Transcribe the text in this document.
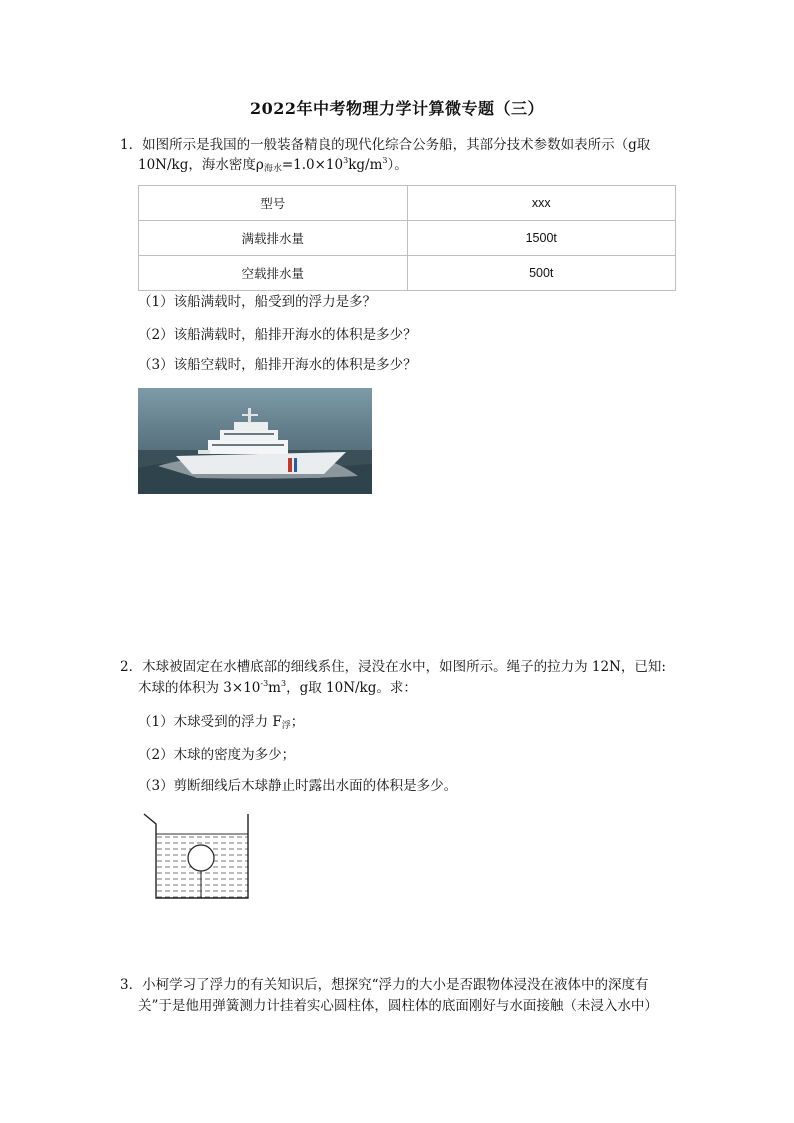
2022年中考物理力学计算微专题（三）
1．如图所示是我国的一般装备精良的现代化综合公务船，其部分技术参数如表所示（g取
10N/kg，海水密度$\rho_{海水}=1.0\times 10^3kg/m^3$）。
型号	xxx
满载排水量	1500t
空载排水量	500t
（1）该船满载时，船受到的浮力是多？
（2）该船满载时，船排开海水的体积是多少？
（3）该船空载时，船排开海水的体积是多少？
2．木球被固定在水槽底部的细线系住，浸没在水中，如图所示。绳子的拉力为 12N，已知:
木球的体积为 $3\times 10^{-3}m^3$，g取 10N/kg。求：
（1）木球受到的浮力 $F_浮$；
（2）木球的密度为多少；
（3）剪断细线后木球静止时露出水面的体积是多少。
3．小柯学习了浮力的有关知识后，想探究“浮力的大小是否跟物体浸没在液体中的深度有
关”于是他用弹簧测力计挂着实心圆柱体，圆柱体的底面刚好与水面接触（未浸入水中）
